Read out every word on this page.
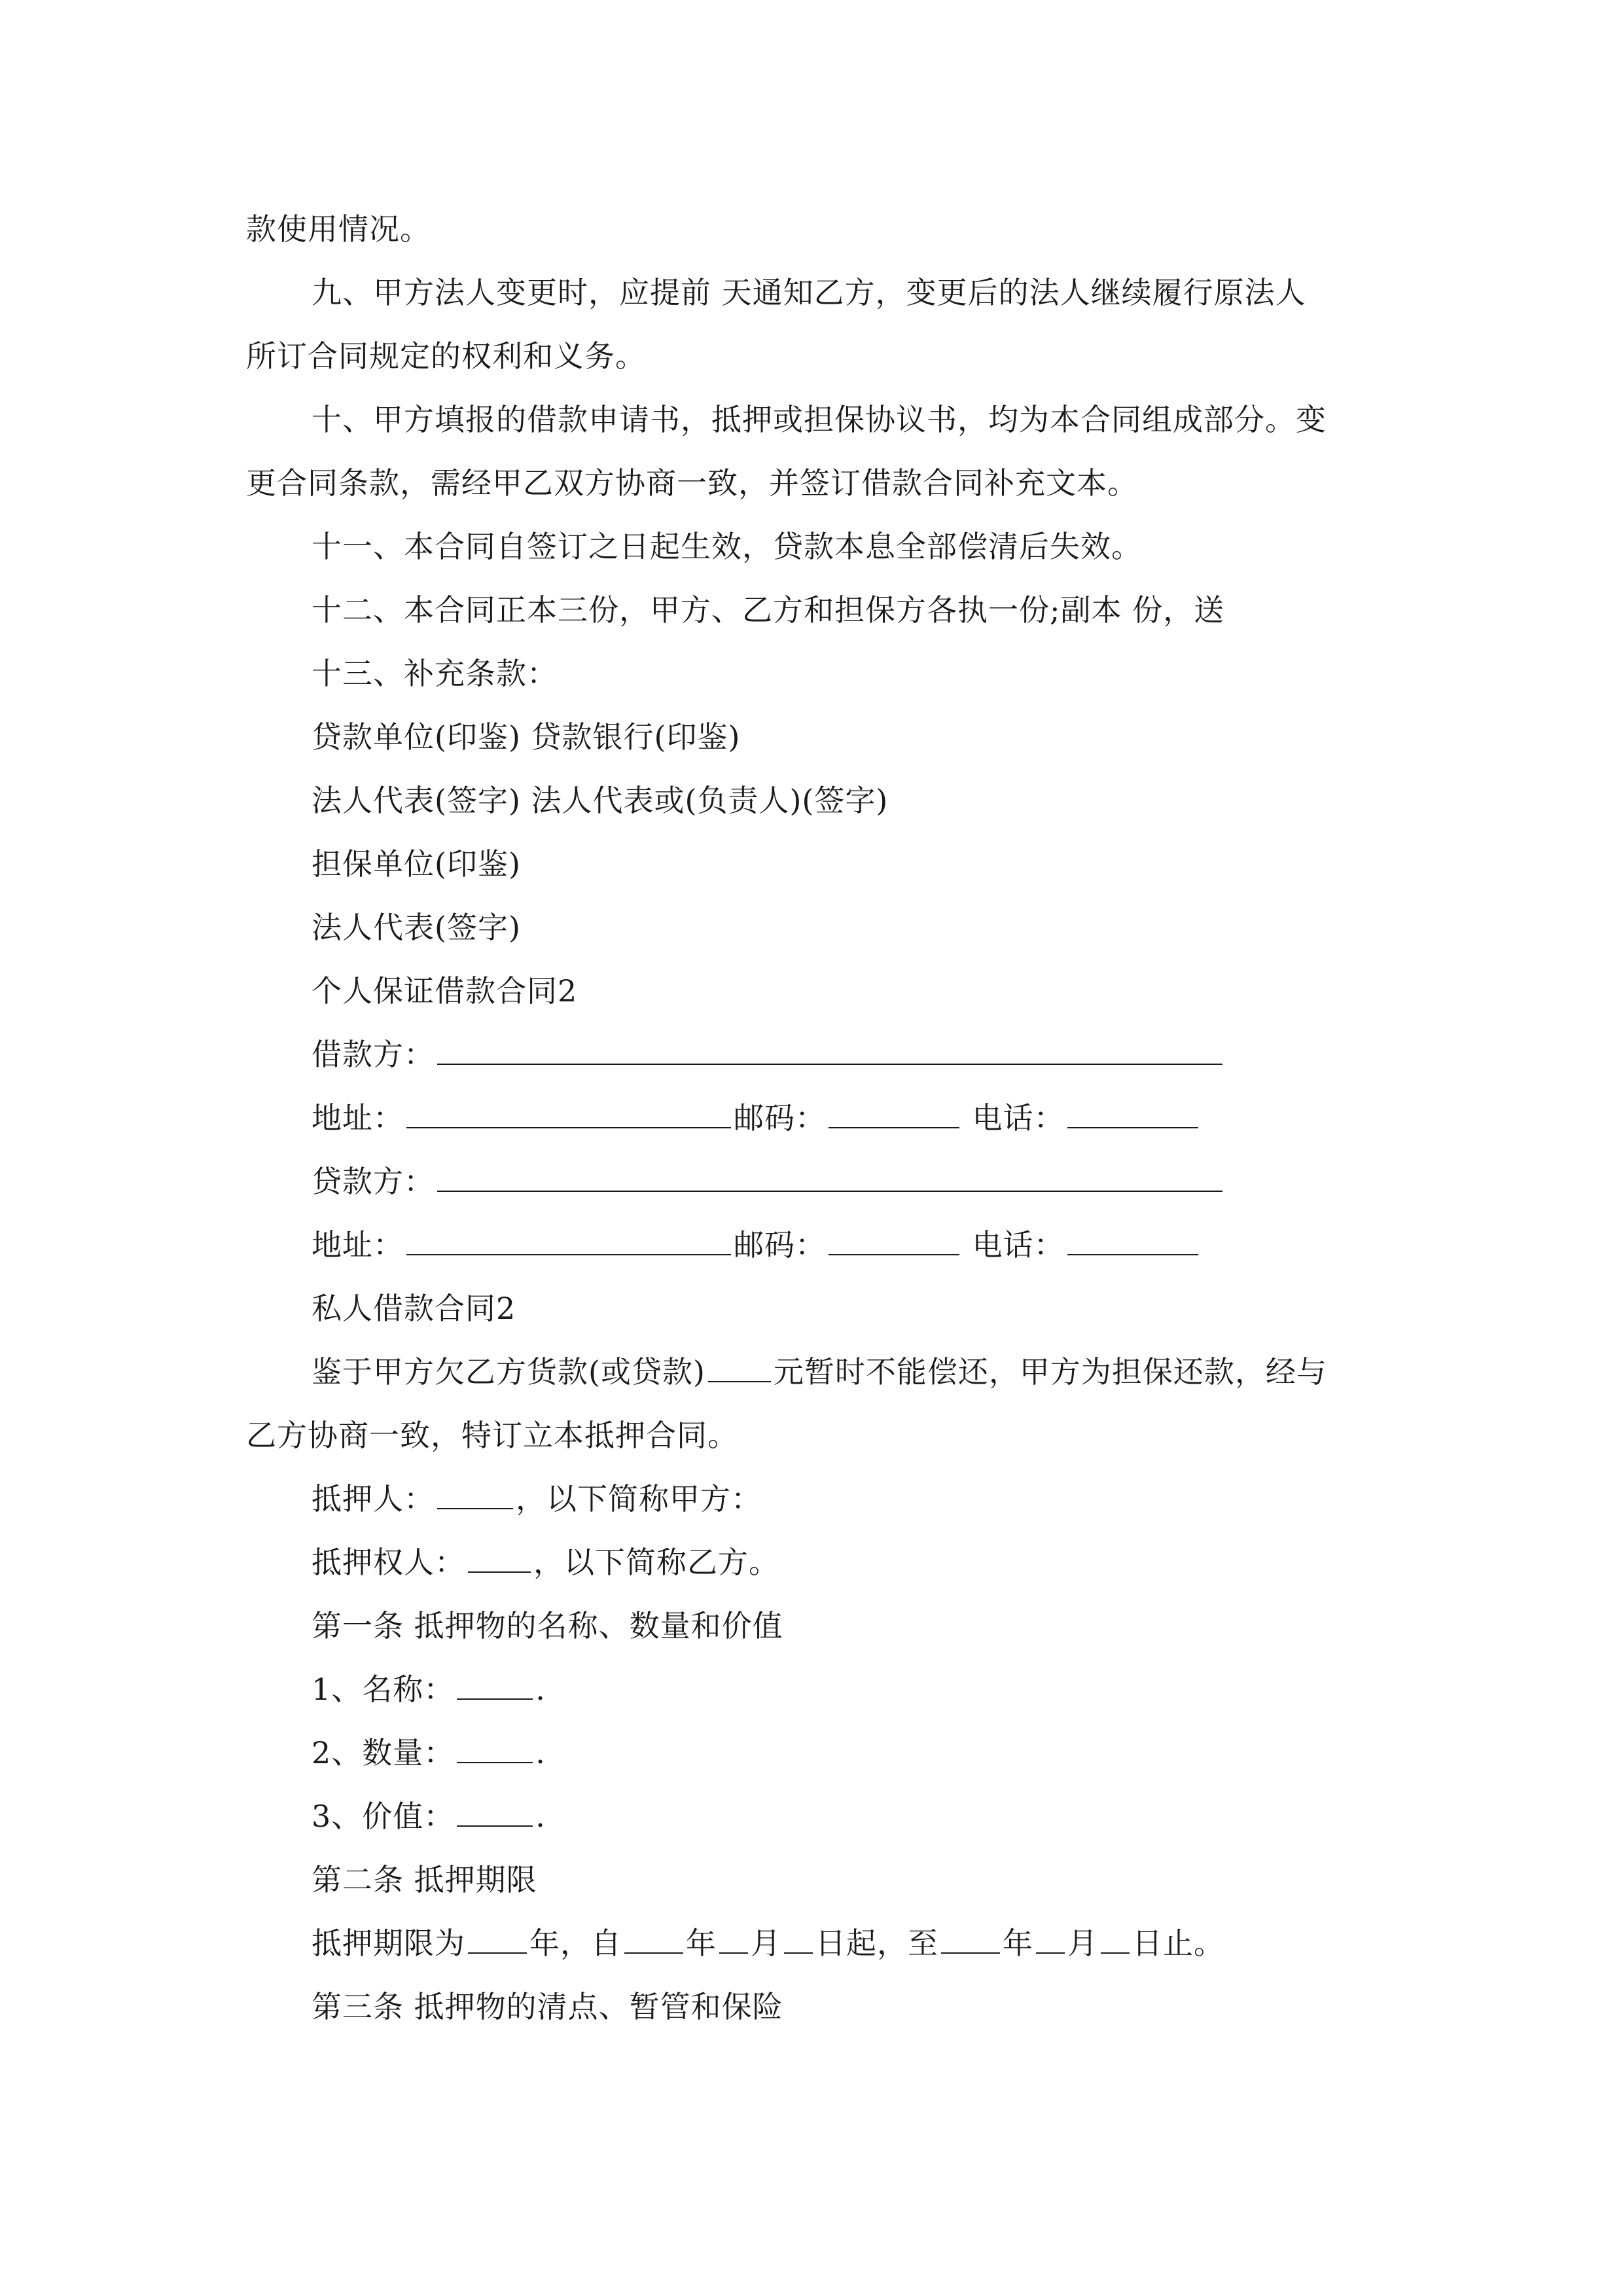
款使用情况。
九、甲方法人变更时，应提前 天通知乙方，变更后的法人继续履行原法人
所订合同规定的权利和义务。
十、甲方填报的借款申请书，抵押或担保协议书，均为本合同组成部分。变
更合同条款，需经甲乙双方协商一致，并签订借款合同补充文本。
十一、本合同自签订之日起生效，贷款本息全部偿清后失效。
十二、本合同正本三份，甲方、乙方和担保方各执一份;副本 份，送
十三、补充条款：
贷款单位(印鉴) 贷款银行(印鉴)
法人代表(签字) 法人代表或(负责人)(签字)
担保单位(印鉴)
法人代表(签字)
个人保证借款合同2
借款方：
地址：	邮码：	电话：
贷款方：
地址：	邮码：	电话：
私人借款合同2
鉴于甲方欠乙方货款(或贷款) 元暂时不能偿还，甲方为担保还款，经与
乙方协商一致，特订立本抵押合同。
抵押人：	，以下简称甲方：
抵押权人： ，以下简称乙方。
第一条 抵押物的名称、数量和价值
1、名称：	.
2、数量：	.
3、价值：	.
第二条 抵押期限
抵押期限为 年，自 年 月 日起，至 年 月 日止。
第三条 抵押物的清点、暂管和保险
